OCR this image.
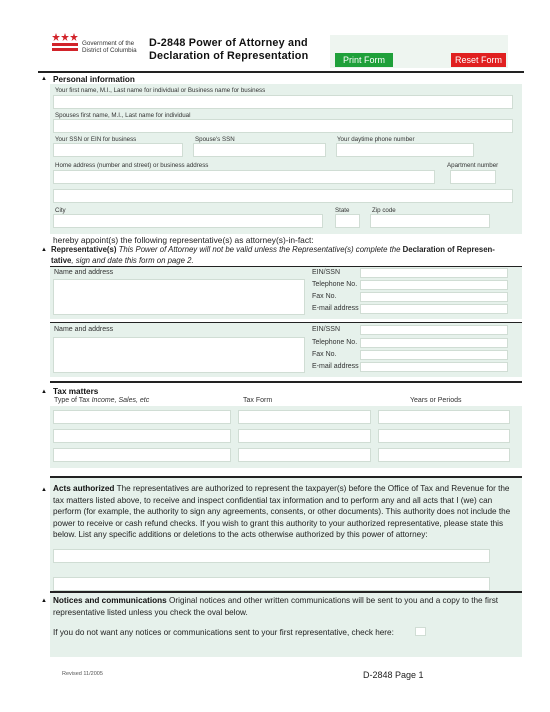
Government of the
District of Columbia
D-2848 Power of Attorney and
Declaration of Representation	Print Form	Reset Form
▲ Personal information
Your first name, M.I., Last name for individual or Business name for business
Spouses first name, M.I., Last name for individual
Your SSN or EIN for business	Spouse's SSN	Your daytime phone number
Home address (number and street) or business address	Apartment number
City	State	Zip code
hereby appoint(s) the following representative(s) as attorney(s)-in-fact:
▲ Representative(s) This Power of Attorney will not be valid unless the Representative(s) complete the Declaration of Represen-
tative, sign and date this form on page 2.
Name and address	EIN/SSN
Telephone No.
Fax No.
E-mail address
Name and address	EIN/SSN
Telephone No.
Fax No.
E-mail address
▲ Tax matters
Type of Tax Income, Sales, etc	Tax Form	Years or Periods
▲ Acts authorized The representatives are authorized to represent the taxpayer(s) before the Office of Tax and Revenue for the tax matters listed above, to receive and inspect confidential tax information and to perform any and all acts that I (we) can perform (for example, the authority to sign any agreements, consents, or other documents). This authority does not include the power to receive or cash refund checks. If you wish to grant this authority to your authorized representative, please state this below. List any specific additions or deletions to the acts otherwise authorized by this power of attorney:
▲ Notices and communications Original notices and other written communications will be sent to you and a copy to the first representative listed unless you check the oval below.
If you do not want any notices or communications sent to your first representative, check here:
Revised 11/2005	D-2848 Page 1
